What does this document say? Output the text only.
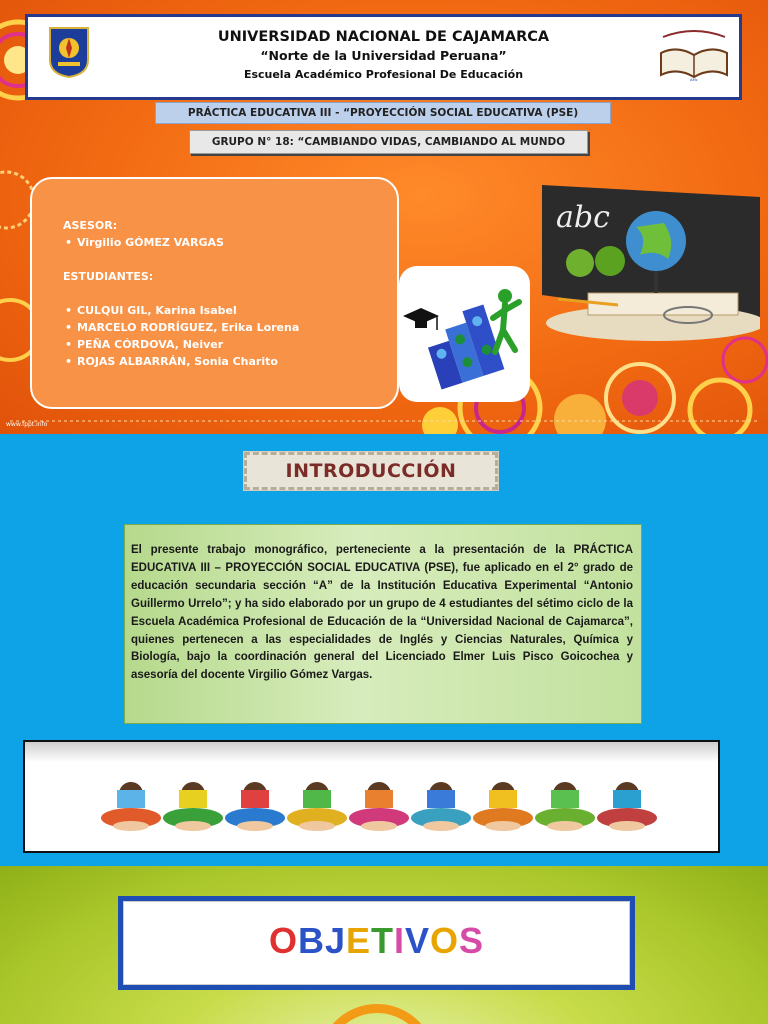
UNIVERSIDAD NACIONAL DE CAJAMARCA
“Norte de la Universidad Peruana”
Escuela Académico Profesional De Educación
ᴬᴹᶜ
PRÁCTICA EDUCATIVA III - “PROYECCIÓN SOCIAL EDUCATIVA (PSE)
GRUPO N° 18: “CAMBIANDO VIDAS, CAMBIANDO AL MUNDO
ASESOR:
• Virgilio GÓMEZ VARGAS
ESTUDIANTES:
• CULQUI GIL, Karina Isabel
• MARCELO RODRÍGUEZ, Erika Lorena
• PEÑA CÓRDOVA, Neiver
• ROJAS ALBARRÁN, Sonia Charito
abc
www.fppt.info
INTRODUCCIÓN
El presente trabajo monográfico, perteneciente a la presentación de la PRÁCTICA EDUCATIVA III – PROYECCIÓN SOCIAL EDUCATIVA (PSE), fue aplicado en el 2° grado de educación secundaria sección “A” de la Institución Educativa Experimental “Antonio Guillermo Urrelo”; y ha sido elaborado por un grupo de 4 estudiantes del sétimo ciclo de la Escuela Académica Profesional de Educación de la “Universidad Nacional de Cajamarca”, quienes pertenecen a las especialidades de Inglés y Ciencias Naturales, Química y Biología, bajo la coordinación general del Licenciado Elmer Luis Pisco Goicochea y asesoría del docente Virgilio Gómez Vargas.
OBJETIVOS
